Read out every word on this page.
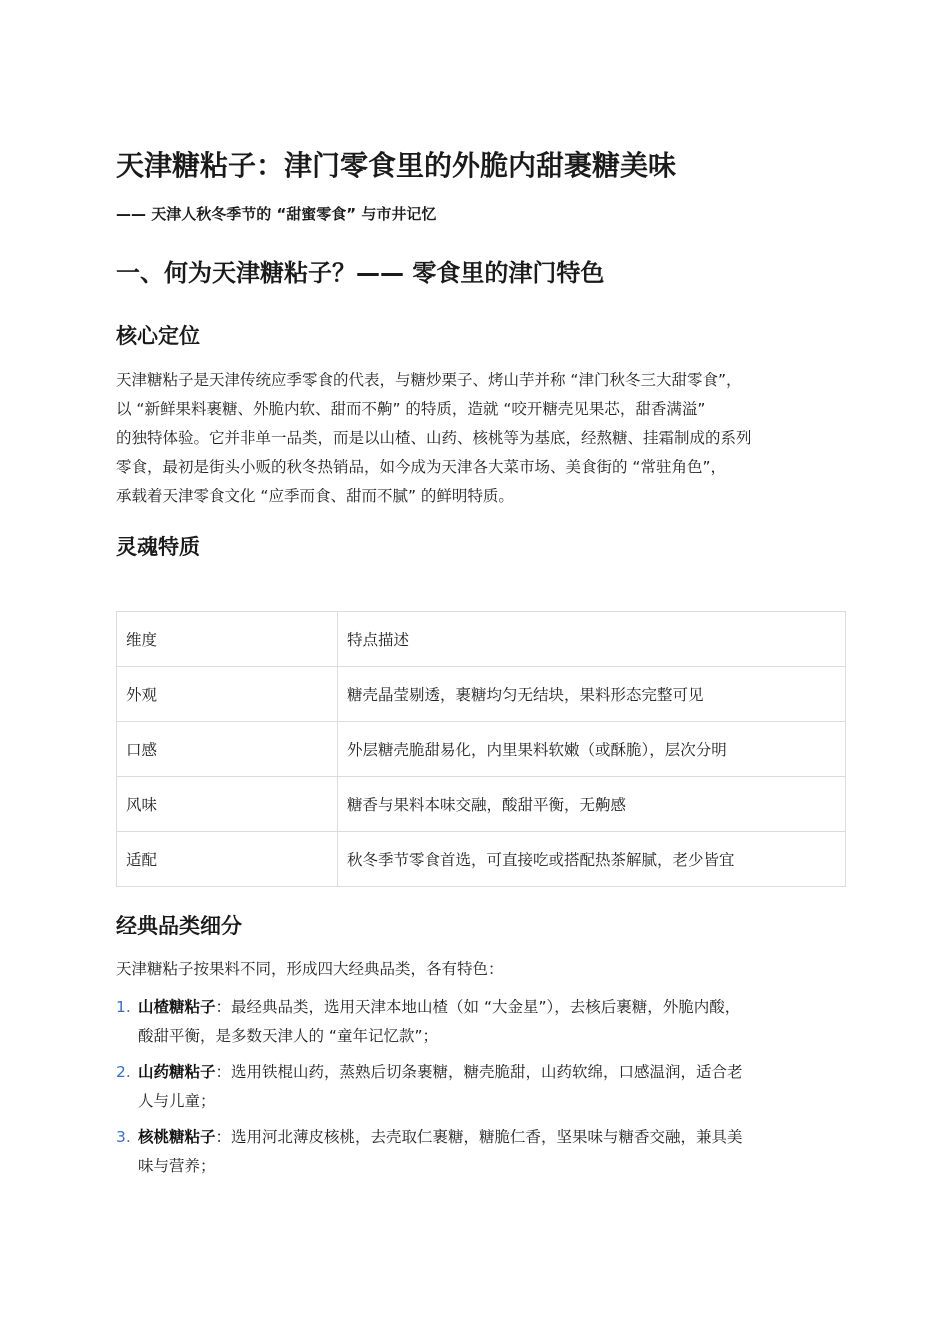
天津糖粘子：津门零食里的外脆内甜裹糖美味
—— 天津人秋冬季节的 “甜蜜零食” 与市井记忆
一、何为天津糖粘子？—— 零食里的津门特色
核心定位
天津糖粘子是天津传统应季零食的代表，与糖炒栗子、烤山芋并称 “津门秋冬三大甜零食”，
以 “新鲜果料裹糖、外脆内软、甜而不齁” 的特质，造就 “咬开糖壳见果芯，甜香满溢”
的独特体验。它并非单一品类，而是以山楂、山药、核桃等为基底，经熬糖、挂霜制成的系列
零食，最初是街头小贩的秋冬热销品，如今成为天津各大菜市场、美食街的 “常驻角色”，
承载着天津零食文化 “应季而食、甜而不腻” 的鲜明特质。
灵魂特质
维度	特点描述
外观	糖壳晶莹剔透，裹糖均匀无结块，果料形态完整可见
口感	外层糖壳脆甜易化，内里果料软嫩（或酥脆），层次分明
风味	糖香与果料本味交融，酸甜平衡，无齁感
适配	秋冬季节零食首选，可直接吃或搭配热茶解腻，老少皆宜
经典品类细分
天津糖粘子按果料不同，形成四大经典品类，各有特色：
1. 山楂糖粘子：最经典品类，选用天津本地山楂（如 “大金星”），去核后裹糖，外脆内酸，
酸甜平衡，是多数天津人的 “童年记忆款”；
2. 山药糖粘子：选用铁棍山药，蒸熟后切条裹糖，糖壳脆甜，山药软绵，口感温润，适合老
人与儿童；
3. 核桃糖粘子：选用河北薄皮核桃，去壳取仁裹糖，糖脆仁香，坚果味与糖香交融，兼具美
味与营养；
